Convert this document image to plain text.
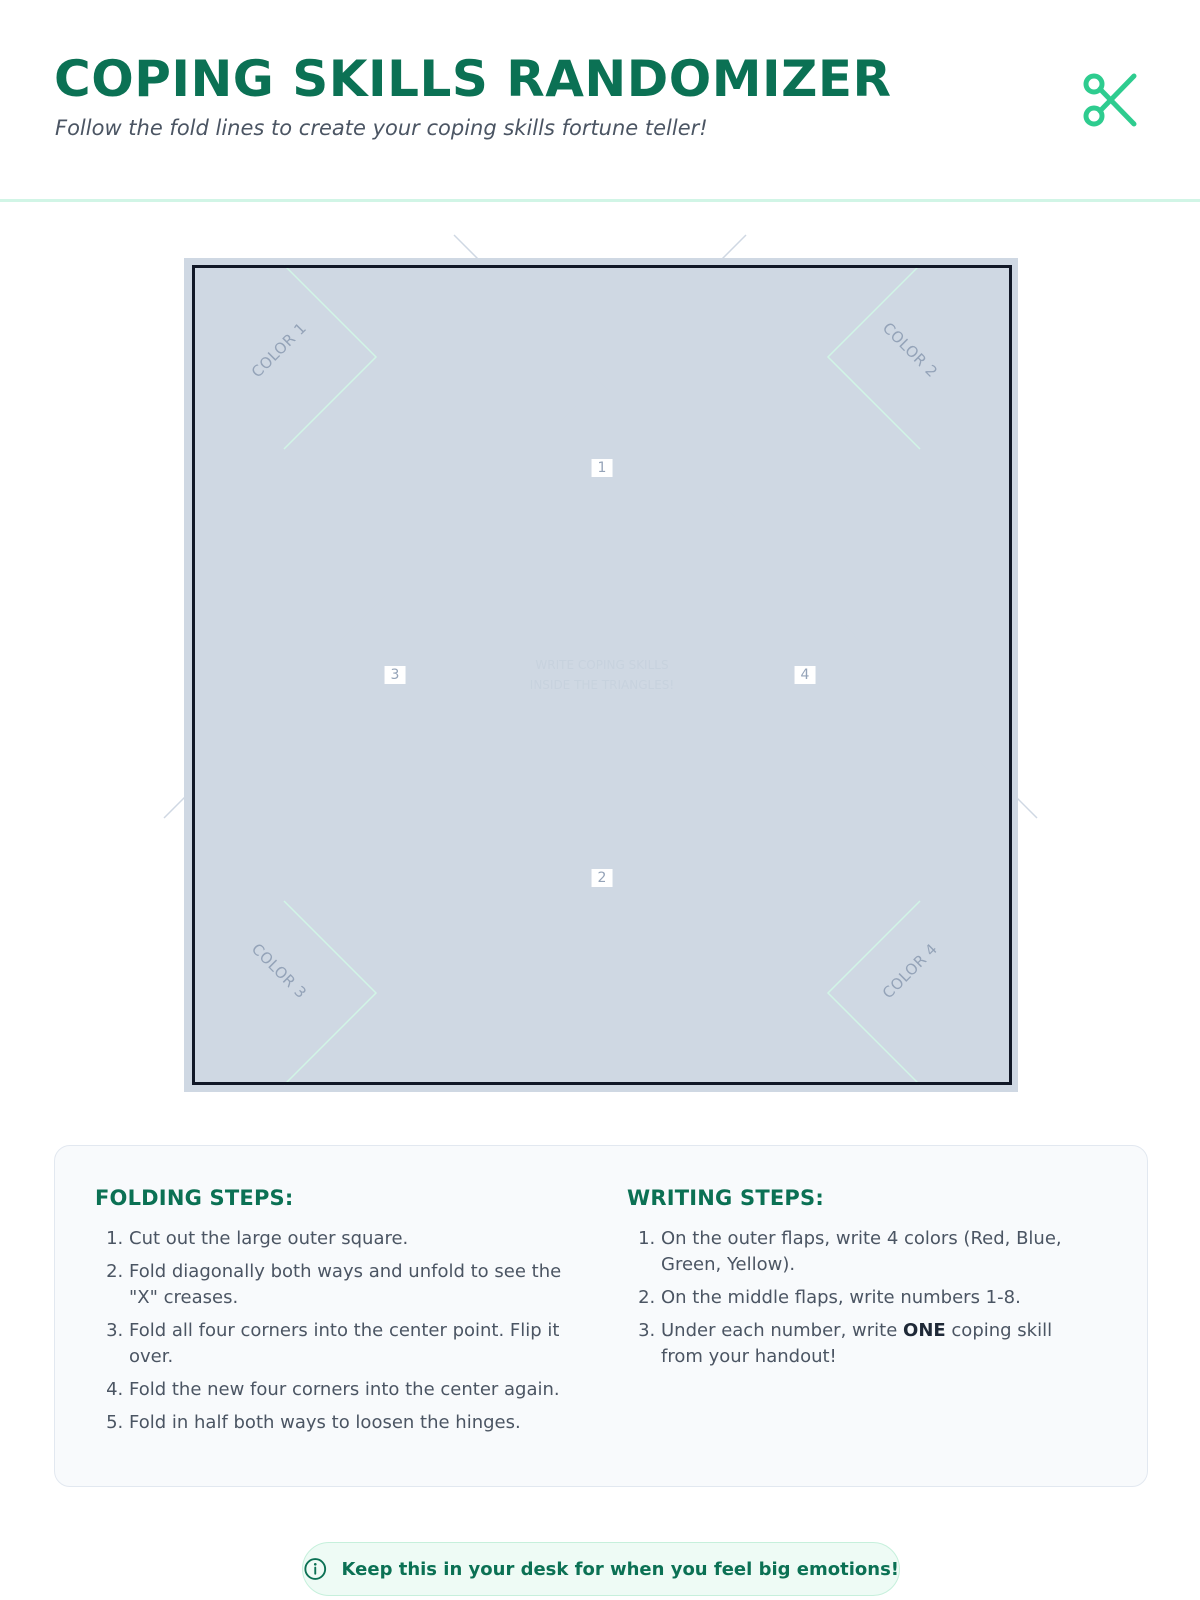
COPING SKILLS RANDOMIZER

Follow the fold lines to create your coping skills fortune teller!

COLOR 1	COLOR 2
COLOR 3	COLOR 4
1
2
3	4
WRITE COPING SKILLS
INSIDE THE TRIANGLES!
FOLDING STEPS:
1. Cut out the large outer square.
2. Fold diagonally both ways and unfold to see the "X" creases.
3. Fold all four corners into the center point. Flip it over.
4. Fold the new four corners into the center again.
5. Fold in half both ways to loosen the hinges.
WRITING STEPS:
1. On the outer flaps, write 4 colors (Red, Blue, Green, Yellow).
2. On the middle flaps, write numbers 1-8.
3. Under each number, write ONE coping skill from your handout!
Keep this in your desk for when you feel big emotions!
